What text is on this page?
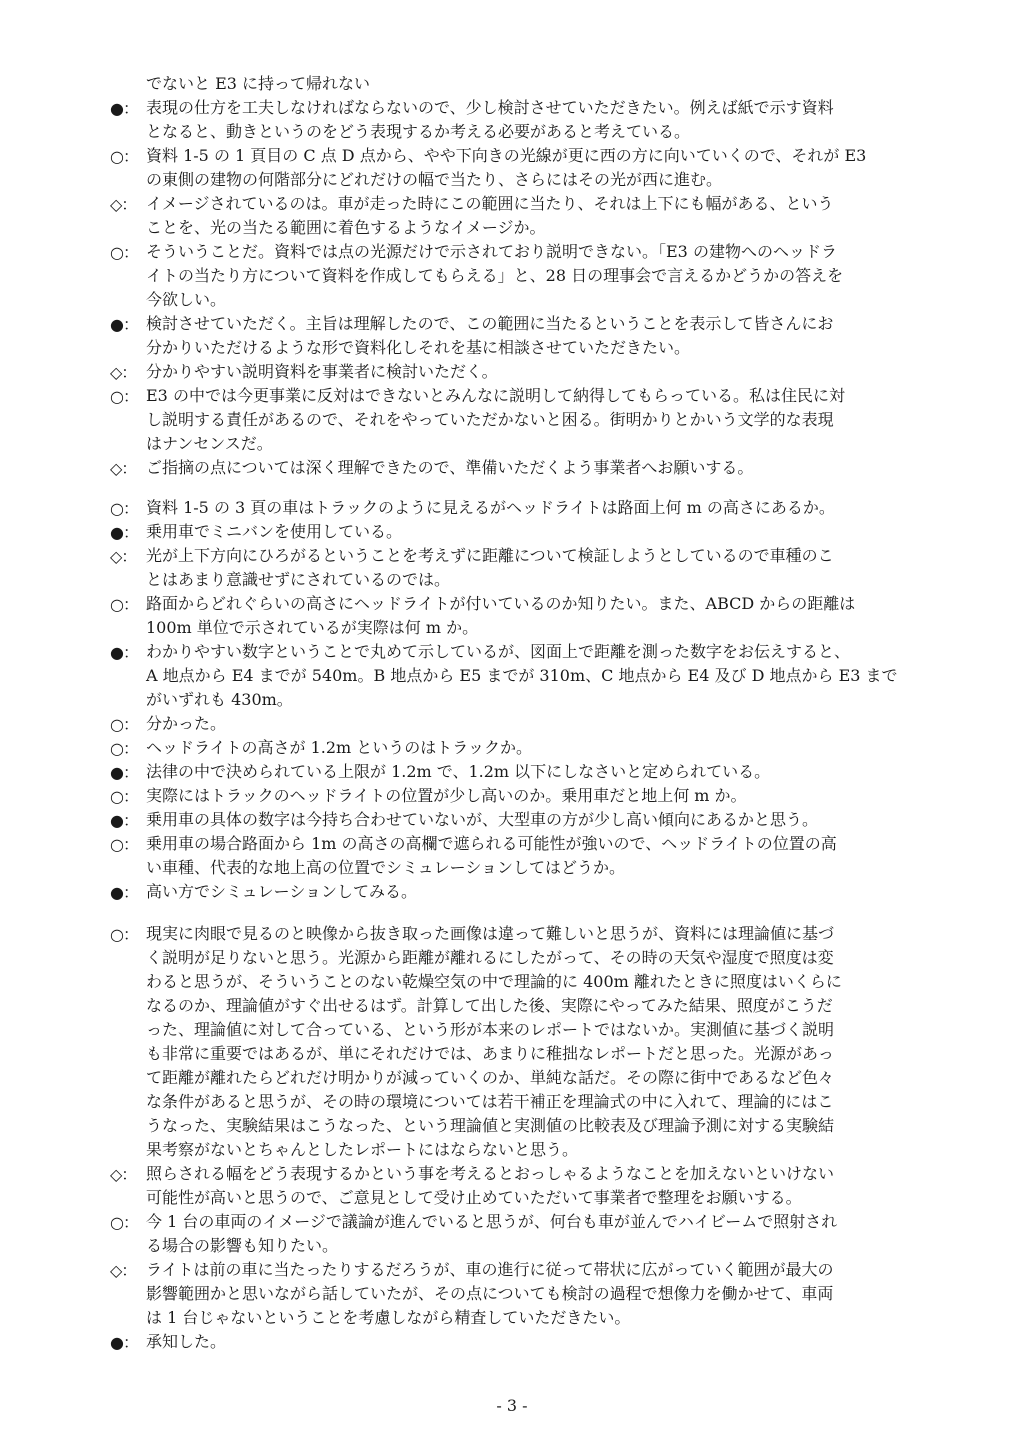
でないと E3 に持って帰れない
●： 表現の仕方を工夫しなければならないので、少し検討させていただきたい。例えば紙で示す資料
となると、動きというのをどう表現するか考える必要があると考えている。
○： 資料 1-5 の 1 頁目の C 点 D 点から、やや下向きの光線が更に西の方に向いていくので、それが E3
の東側の建物の何階部分にどれだけの幅で当たり、さらにはその光が西に進む。
◇： イメージされているのは。車が走った時にこの範囲に当たり、それは上下にも幅がある、という
ことを、光の当たる範囲に着色するようなイメージか。
○： そういうことだ。資料では点の光源だけで示されており説明できない。「E3 の建物へのヘッドラ
イトの当たり方について資料を作成してもらえる」と、28 日の理事会で言えるかどうかの答えを
今欲しい。
●： 検討させていただく。主旨は理解したので、この範囲に当たるということを表示して皆さんにお
分かりいただけるような形で資料化しそれを基に相談させていただきたい。
◇： 分かりやすい説明資料を事業者に検討いただく。
○： E3 の中では今更事業に反対はできないとみんなに説明して納得してもらっている。私は住民に対
し説明する責任があるので、それをやっていただかないと困る。街明かりとかいう文学的な表現
はナンセンスだ。
◇： ご指摘の点については深く理解できたので、準備いただくよう事業者へお願いする。
○： 資料 1-5 の 3 頁の車はトラックのように見えるがヘッドライトは路面上何 m の高さにあるか。
●： 乗用車でミニバンを使用している。
◇： 光が上下方向にひろがるということを考えずに距離について検証しようとしているので車種のこ
とはあまり意識せずにされているのでは。
○： 路面からどれぐらいの高さにヘッドライトが付いているのか知りたい。また、ABCD からの距離は
100m 単位で示されているが実際は何 m か。
●： わかりやすい数字ということで丸めて示しているが、図面上で距離を測った数字をお伝えすると、
A 地点から E4 までが 540m。B 地点から E5 までが 310m、C 地点から E4 及び D 地点から E3 まで
がいずれも 430m。
○： 分かった。
○： ヘッドライトの高さが 1.2m というのはトラックか。
●： 法律の中で決められている上限が 1.2m で、1.2m 以下にしなさいと定められている。
○： 実際にはトラックのヘッドライトの位置が少し高いのか。乗用車だと地上何 m か。
●： 乗用車の具体の数字は今持ち合わせていないが、大型車の方が少し高い傾向にあるかと思う。
○： 乗用車の場合路面から 1m の高さの高欄で遮られる可能性が強いので、ヘッドライトの位置の高
い車種、代表的な地上高の位置でシミュレーションしてはどうか。
●： 高い方でシミュレーションしてみる。
○： 現実に肉眼で見るのと映像から抜き取った画像は違って難しいと思うが、資料には理論値に基づ
く説明が足りないと思う。光源から距離が離れるにしたがって、その時の天気や湿度で照度は変
わると思うが、そういうことのない乾燥空気の中で理論的に 400m 離れたときに照度はいくらに
なるのか、理論値がすぐ出せるはず。計算して出した後、実際にやってみた結果、照度がこうだ
った、理論値に対して合っている、という形が本来のレポートではないか。実測値に基づく説明
も非常に重要ではあるが、単にそれだけでは、あまりに稚拙なレポートだと思った。光源があっ
て距離が離れたらどれだけ明かりが減っていくのか、単純な話だ。その際に街中であるなど色々
な条件があると思うが、その時の環境については若干補正を理論式の中に入れて、理論的にはこ
うなった、実験結果はこうなった、という理論値と実測値の比較表及び理論予測に対する実験結
果考察がないとちゃんとしたレポートにはならないと思う。
◇： 照らされる幅をどう表現するかという事を考えるとおっしゃるようなことを加えないといけない
可能性が高いと思うので、ご意見として受け止めていただいて事業者で整理をお願いする。
○： 今 1 台の車両のイメージで議論が進んでいると思うが、何台も車が並んでハイビームで照射され
る場合の影響も知りたい。
◇： ライトは前の車に当たったりするだろうが、車の進行に従って帯状に広がっていく範囲が最大の
影響範囲かと思いながら話していたが、その点についても検討の過程で想像力を働かせて、車両
は 1 台じゃないということを考慮しながら精査していただきたい。
●： 承知した。
- 3 -
